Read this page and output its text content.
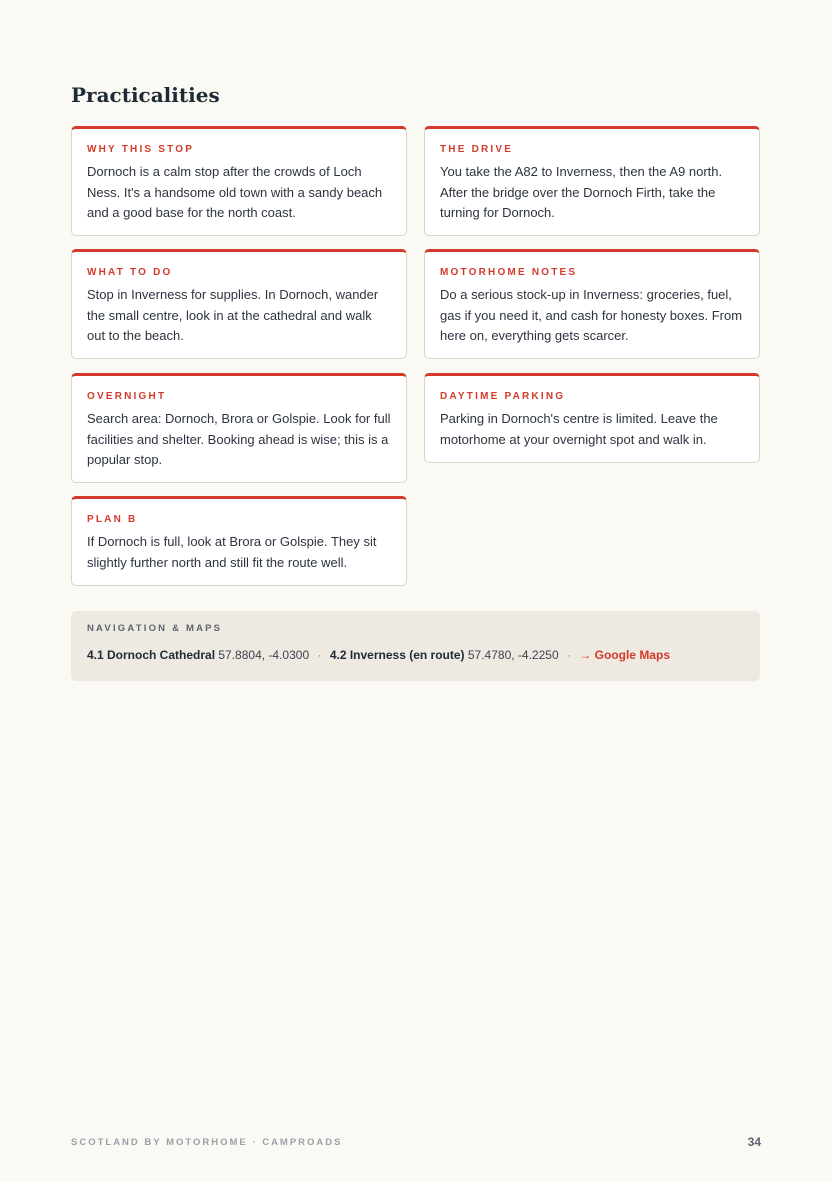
Practicalities
WHY THIS STOP
Dornoch is a calm stop after the crowds of Loch Ness. It's a handsome old town with a sandy beach and a good base for the north coast.
THE DRIVE
You take the A82 to Inverness, then the A9 north. After the bridge over the Dornoch Firth, take the turning for Dornoch.
WHAT TO DO
Stop in Inverness for supplies. In Dornoch, wander the small centre, look in at the cathedral and walk out to the beach.
MOTORHOME NOTES
Do a serious stock-up in Inverness: groceries, fuel, gas if you need it, and cash for honesty boxes. From here on, everything gets scarcer.
OVERNIGHT
Search area: Dornoch, Brora or Golspie. Look for full facilities and shelter. Booking ahead is wise; this is a popular stop.
DAYTIME PARKING
Parking in Dornoch's centre is limited. Leave the motorhome at your overnight spot and walk in.
PLAN B
If Dornoch is full, look at Brora or Golspie. They sit slightly further north and still fit the route well.
NAVIGATION & MAPS
4.1 Dornoch Cathedral 57.8804, -4.0300 · 4.2 Inverness (en route) 57.4780, -4.2250 · → Google Maps
SCOTLAND BY MOTORHOME · CAMPROADS	34
